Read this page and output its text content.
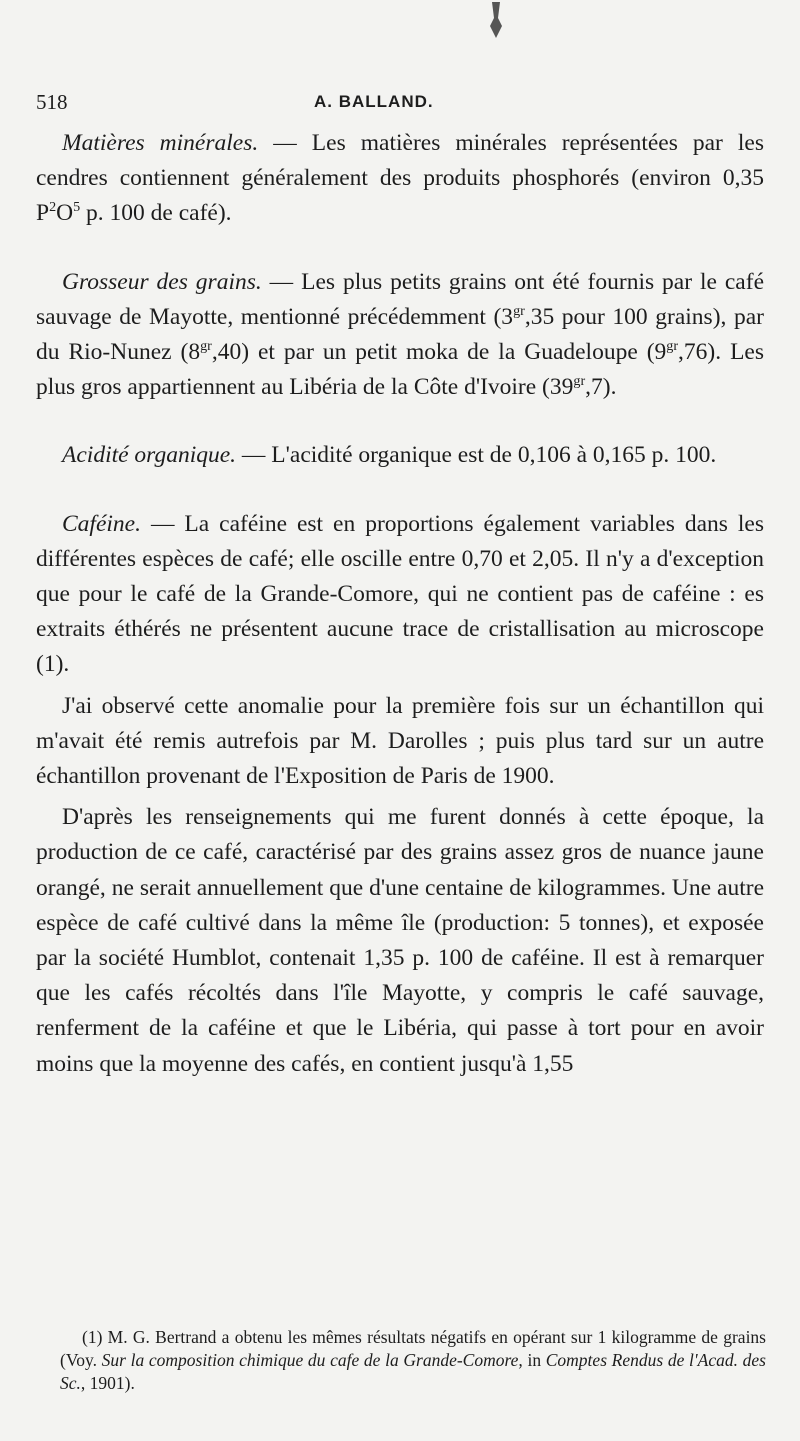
518	A. BALLAND.

Matières minérales. — Les matières minérales représentées par les cendres contiennent généralement des produits phosphorés (environ 0,35 $P^2O^5$ p. 100 de café).

Grosseur des grains. — Les plus petits grains ont été fournis par le café sauvage de Mayotte, mentionné précédemment ($3^{gr},35$ pour 100 grains), par du Rio-Nunez $(8^{gr},40)$ et par un petit moka de la Guadeloupe $(9^{gr},76)$. Les plus gros appartiennent au Libéria de la Côte d'Ivoire $(39^{gr},7)$.

Acidité organique. — L'acidité organique est de 0,106 à 0,165 p. 100.

Caféine. — La caféine est en proportions également variables dans les différentes espèces de café; elle oscille entre 0,70 et 2,05. Il n'y a d'exception que pour le café de la Grande-Comore, qui ne contient pas de caféine : es extraits éthérés ne présentent aucune trace de cristallisation au microscope (1).

J'ai observé cette anomalie pour la première fois sur un échantillon qui m'avait été remis autrefois par M. Darolles ; puis plus tard sur un autre échantillon provenant de l'Exposition de Paris de 1900.

D'après les renseignements qui me furent donnés à cette époque, la production de ce café, caractérisé par des grains assez gros de nuance jaune orangé, ne serait annuellement que d'une centaine de kilogrammes. Une autre espèce de café cultivé dans la même île (production: 5 tonnes), et exposée par la société Humblot, contenait 1,35 p. 100 de caféine. Il est à remarquer que les cafés récoltés dans l'île Mayotte, y compris le café sauvage, renferment de la caféine et que le Libéria, qui passe à tort pour en avoir moins que la moyenne des cafés, en contient jusqu'à 1,55

(1) M. G. Bertrand a obtenu les mêmes résultats négatifs en opérant sur 1 kilogramme de grains (Voy. Sur la composition chimique du cafe de la Grande-Comore, in Comptes Rendus de l'Acad. des Sc., 1901).
